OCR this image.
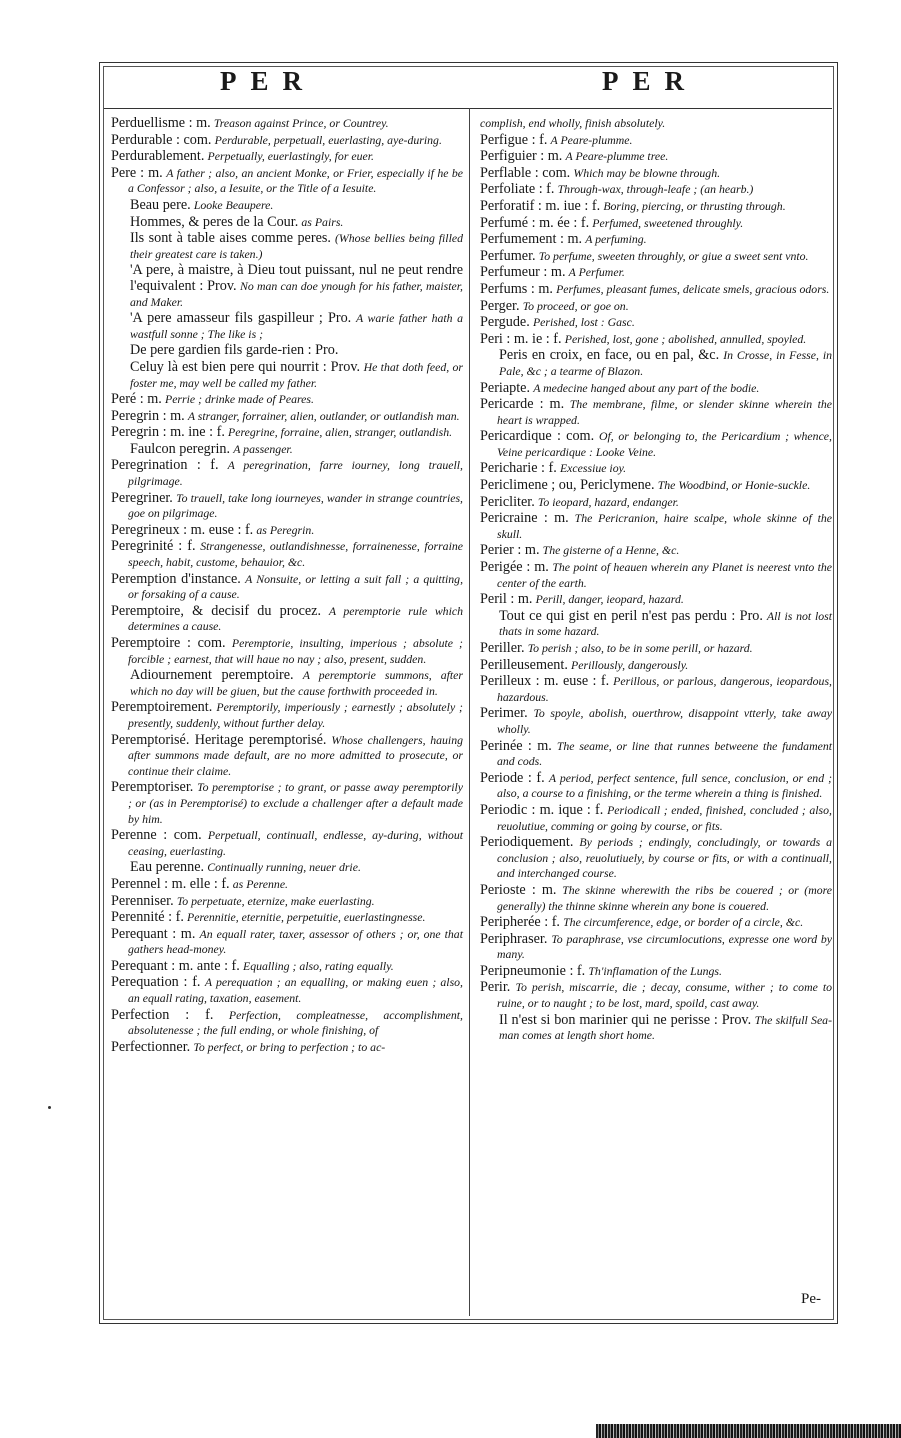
PER	PER
Perduellisme : m. Treason against Prince, or Countrey.
Perdurable : com. Perdurable, perpetuall, euerlasting, aye-during.
Perdurablement. Perpetually, euerlastingly, for euer.
Pere : m. A father ; also, an ancient Monke, or Frier, especially if he be a Confessor ; also, a Iesuite, or the Title of a Iesuite.
Beau pere. Looke Beaupere.
Hommes, & peres de la Cour. as Pairs.
Ils sont à table aises comme peres. (Whose bellies being filled their greatest care is taken.)
'A pere, à maistre, à Dieu tout puissant, nul ne peut rendre l'equivalent : Prov. No man can doe ynough for his father, maister, and Maker.
'A pere amasseur fils gaspilleur ; Pro. A warie father hath a wastfull sonne ; The like is ;
De pere gardien fils garde-rien : Pro.
Celuy là est bien pere qui nourrit : Prov. He that doth feed, or foster me, may well be called my father.
Peré : m. Perrie ; drinke made of Peares.
Peregrin : m. A stranger, forrainer, alien, outlander, or outlandish man.
Peregrin : m. ine : f. Peregrine, forraine, alien, stranger, outlandish.
Faulcon peregrin. A passenger.
Peregrination : f. A peregrination, farre iourney, long trauell, pilgrimage.
Peregriner. To trauell, take long iourneyes, wander in strange countries, goe on pilgrimage.
Peregrineux : m. euse : f. as Peregrin.
Peregrinité : f. Strangenesse, outlandishnesse, forrainenesse, forraine speech, habit, custome, behauior, &c.
Peremption d'instance. A Nonsuite, or letting a suit fall ; a quitting, or forsaking of a cause.
Peremptoire, & decisif du procez. A peremptorie rule which determines a cause.
Peremptoire : com. Peremptorie, insulting, imperious ; absolute ; forcible ; earnest, that will haue no nay ; also, present, sudden.
Adiournement peremptoire. A peremptorie summons, after which no day will be giuen, but the cause forthwith proceeded in.
Peremptoirement. Peremptorily, imperiously ; earnestly ; absolutely ; presently, suddenly, without further delay.
Peremptorisé. Heritage peremptorisé. Whose challengers, hauing after summons made default, are no more admitted to prosecute, or continue their claime.
Peremptoriser. To peremptorise ; to grant, or passe away peremptorily ; or (as in Peremptorisé) to exclude a challenger after a default made by him.
Perenne : com. Perpetuall, continuall, endlesse, ay-during, without ceasing, euerlasting.
Eau perenne. Continually running, neuer drie.
Perennel : m. elle : f. as Perenne.
Perenniser. To perpetuate, eternize, make euerlasting.
Perennité : f. Perennitie, eternitie, perpetuitie, euerlastingnesse.
Perequant : m. An equall rater, taxer, assessor of others ; or, one that gathers head-money.
Perequant : m. ante : f. Equalling ; also, rating equally.
Perequation : f. A perequation ; an equalling, or making euen ; also, an equall rating, taxation, easement.
Perfection : f. Perfection, compleatnesse, accomplishment, absolutenesse ; the full ending, or whole finishing, of
Perfectionner. To perfect, or bring to perfection ; to ac-
complish, end wholly, finish absolutely.
Perfigue : f. A Peare-plumme.
Perfiguier : m. A Peare-plumme tree.
Perflable : com. Which may be blowne through.
Perfoliate : f. Through-wax, through-leafe ; (an hearb.)
Perforatif : m. iue : f. Boring, piercing, or thrusting through.
Perfumé : m. ée : f. Perfumed, sweetened throughly.
Perfumement : m. A perfuming.
Perfumer. To perfume, sweeten throughly, or giue a sweet sent vnto.
Perfumeur : m. A Perfumer.
Perfums : m. Perfumes, pleasant fumes, delicate smels, gracious odors.
Perger. To proceed, or goe on.
Pergude. Perished, lost : Gasc.
Peri : m. ie : f. Perished, lost, gone ; abolished, annulled, spoyled.
Peris en croix, en face, ou en pal, &c. In Crosse, in Fesse, in Pale, &c ; a tearme of Blazon.
Periapte. A medecine hanged about any part of the bodie.
Pericarde : m. The membrane, filme, or slender skinne wherein the heart is wrapped.
Pericardique : com. Of, or belonging to, the Pericardium ; whence, Veine pericardique : Looke Veine.
Pericharie : f. Excessiue ioy.
Periclimene ; ou, Periclymene. The Woodbind, or Honie-suckle.
Pericliter. To ieopard, hazard, endanger.
Pericraine : m. The Pericranion, haire scalpe, whole skinne of the skull.
Perier : m. The gisterne of a Henne, &c.
Perigée : m. The point of heauen wherein any Planet is neerest vnto the center of the earth.
Peril : m. Perill, danger, ieopard, hazard.
Tout ce qui gist en peril n'est pas perdu : Pro. All is not lost thats in some hazard.
Periller. To perish ; also, to be in some perill, or hazard.
Perilleusement. Perillously, dangerously.
Perilleux : m. euse : f. Perillous, or parlous, dangerous, ieopardous, hazardous.
Perimer. To spoyle, abolish, ouerthrow, disappoint vtterly, take away wholly.
Perinée : m. The seame, or line that runnes betweene the fundament and cods.
Periode : f. A period, perfect sentence, full sence, conclusion, or end ; also, a course to a finishing, or the terme wherein a thing is finished.
Periodic : m. ique : f. Periodicall ; ended, finished, concluded ; also, reuolutiue, comming or going by course, or fits.
Periodiquement. By periods ; endingly, concludingly, or towards a conclusion ; also, reuolutiuely, by course or fits, or with a continuall, and interchanged course.
Perioste : m. The skinne wherewith the ribs be couered ; or (more generally) the thinne skinne wherein any bone is couered.
Peripherée : f. The circumference, edge, or border of a circle, &c.
Periphraser. To paraphrase, vse circumlocutions, expresse one word by many.
Peripneumonie : f. Th'inflamation of the Lungs.
Perir. To perish, miscarrie, die ; decay, consume, wither ; to come to ruine, or to naught ; to be lost, mard, spoild, cast away.
Il n'est si bon marinier qui ne perisse : Prov. The skilfull Sea-man comes at length short home.
Pe-
